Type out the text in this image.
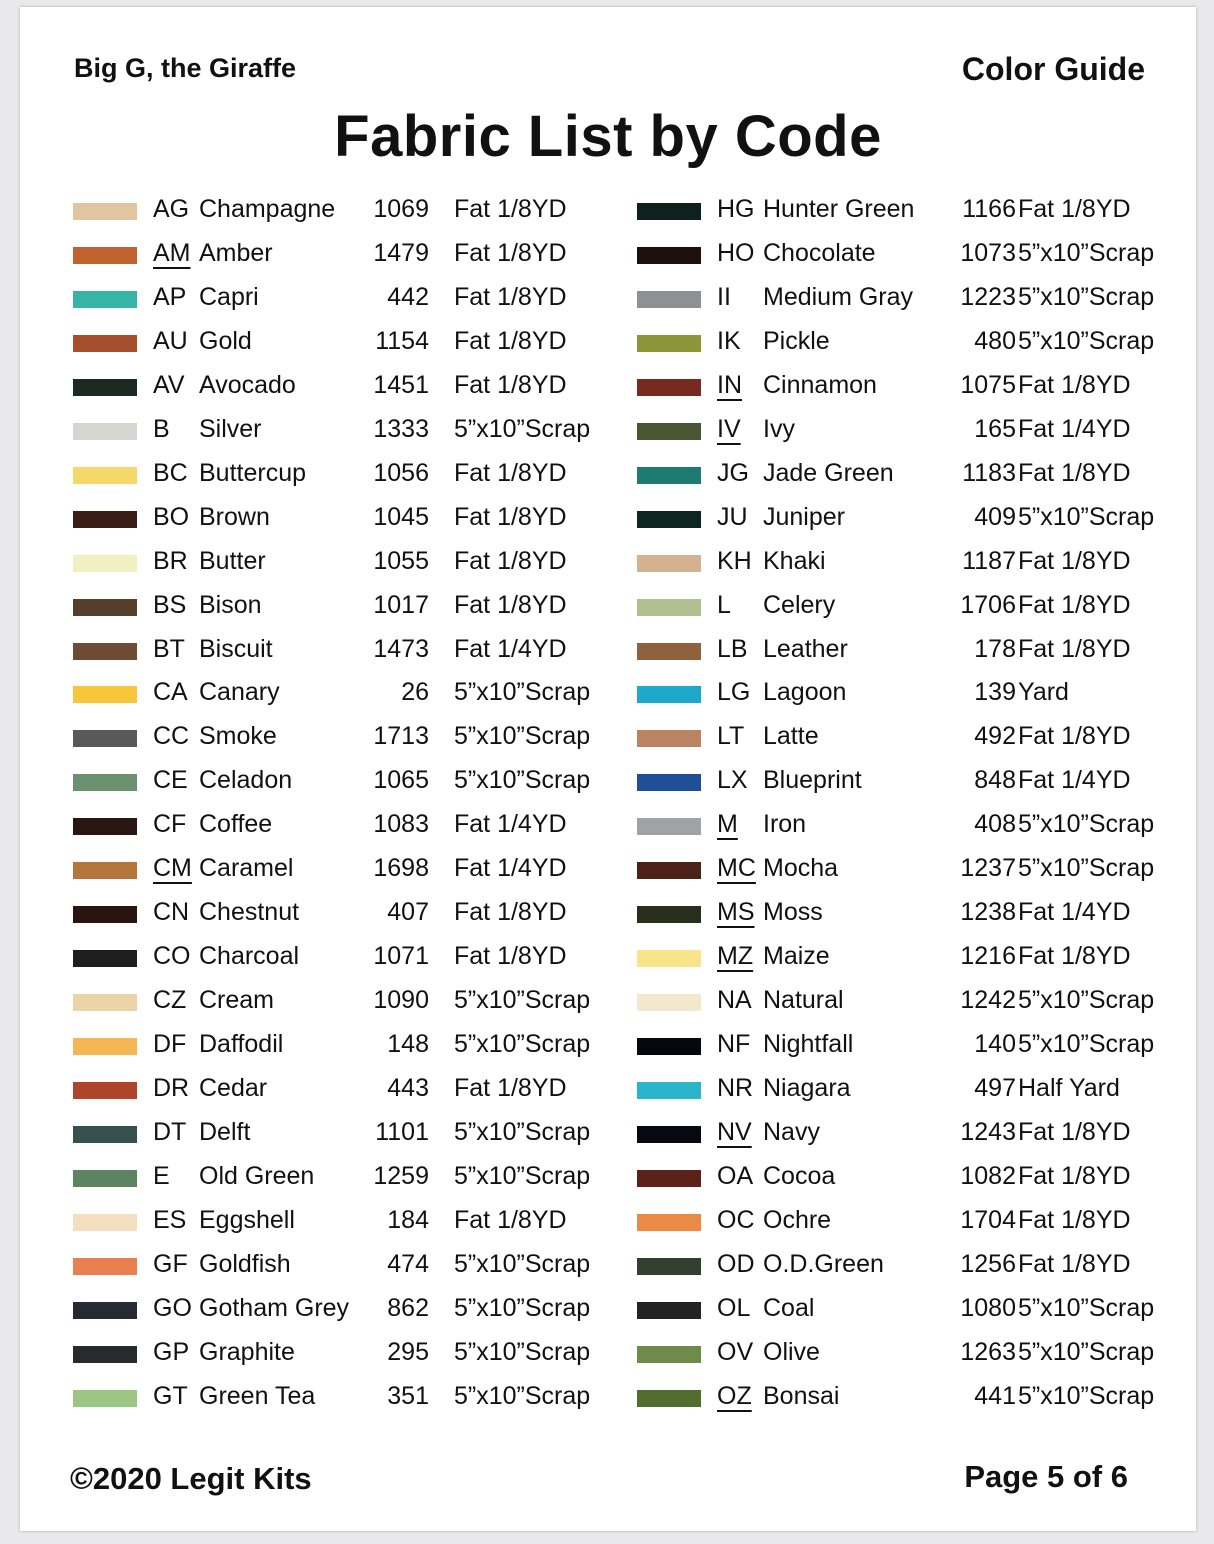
Big G, the Giraffe	Color Guide
Fabric List by Code
AG Champagne	1069 Fat 1/8YD
AM Amber	1479 Fat 1/8YD
AP Capri	442 Fat 1/8YD
AU Gold	1154 Fat 1/8YD
AV Avocado	1451 Fat 1/8YD
B Silver	1333 5”x10”Scrap
BC Buttercup	1056 Fat 1/8YD
BO Brown	1045 Fat 1/8YD
BR Butter	1055 Fat 1/8YD
BS Bison	1017 Fat 1/8YD
BT Biscuit	1473 Fat 1/4YD
CA Canary	26 5”x10”Scrap
CC Smoke	1713 5”x10”Scrap
CE Celadon	1065 5”x10”Scrap
CF Coffee	1083 Fat 1/4YD
CM Caramel	1698 Fat 1/4YD
CN Chestnut	407 Fat 1/8YD
CO Charcoal	1071 Fat 1/8YD
CZ Cream	1090 5”x10”Scrap
DF Daffodil	148 5”x10”Scrap
DR Cedar	443 Fat 1/8YD
DT Delft	1101 5”x10”Scrap
E Old Green	1259 5”x10”Scrap
ES Eggshell	184 Fat 1/8YD
GF Goldfish	474 5”x10”Scrap
GO Gotham Grey	862 5”x10”Scrap
GP Graphite	295 5”x10”Scrap
GT Green Tea	351 5”x10”Scrap
HG Hunter Green	1166 Fat 1/8YD
HO Chocolate	1073 5”x10”Scrap
II Medium Gray	1223 5”x10”Scrap
IK Pickle	480 5”x10”Scrap
IN Cinnamon	1075 Fat 1/8YD
IV Ivy	165 Fat 1/4YD
JG Jade Green	1183 Fat 1/8YD
JU Juniper	409 5”x10”Scrap
KH Khaki	1187 Fat 1/8YD
L Celery	1706 Fat 1/8YD
LB Leather	178 Fat 1/8YD
LG Lagoon	139 Yard
LT Latte	492 Fat 1/8YD
LX Blueprint	848 Fat 1/4YD
M Iron	408 5”x10”Scrap
MC Mocha	1237 5”x10”Scrap
MS Moss	1238 Fat 1/4YD
MZ Maize	1216 Fat 1/8YD
NA Natural	1242 5”x10”Scrap
NF Nightfall	140 5”x10”Scrap
NR Niagara	497 Half Yard
NV Navy	1243 Fat 1/8YD
OA Cocoa	1082 Fat 1/8YD
OC Ochre	1704 Fat 1/8YD
OD O.D.Green	1256 Fat 1/8YD
OL Coal	1080 5”x10”Scrap
OV Olive	1263 5”x10”Scrap
OZ Bonsai	441 5”x10”Scrap
©2020 Legit Kits	Page 5 of 6
